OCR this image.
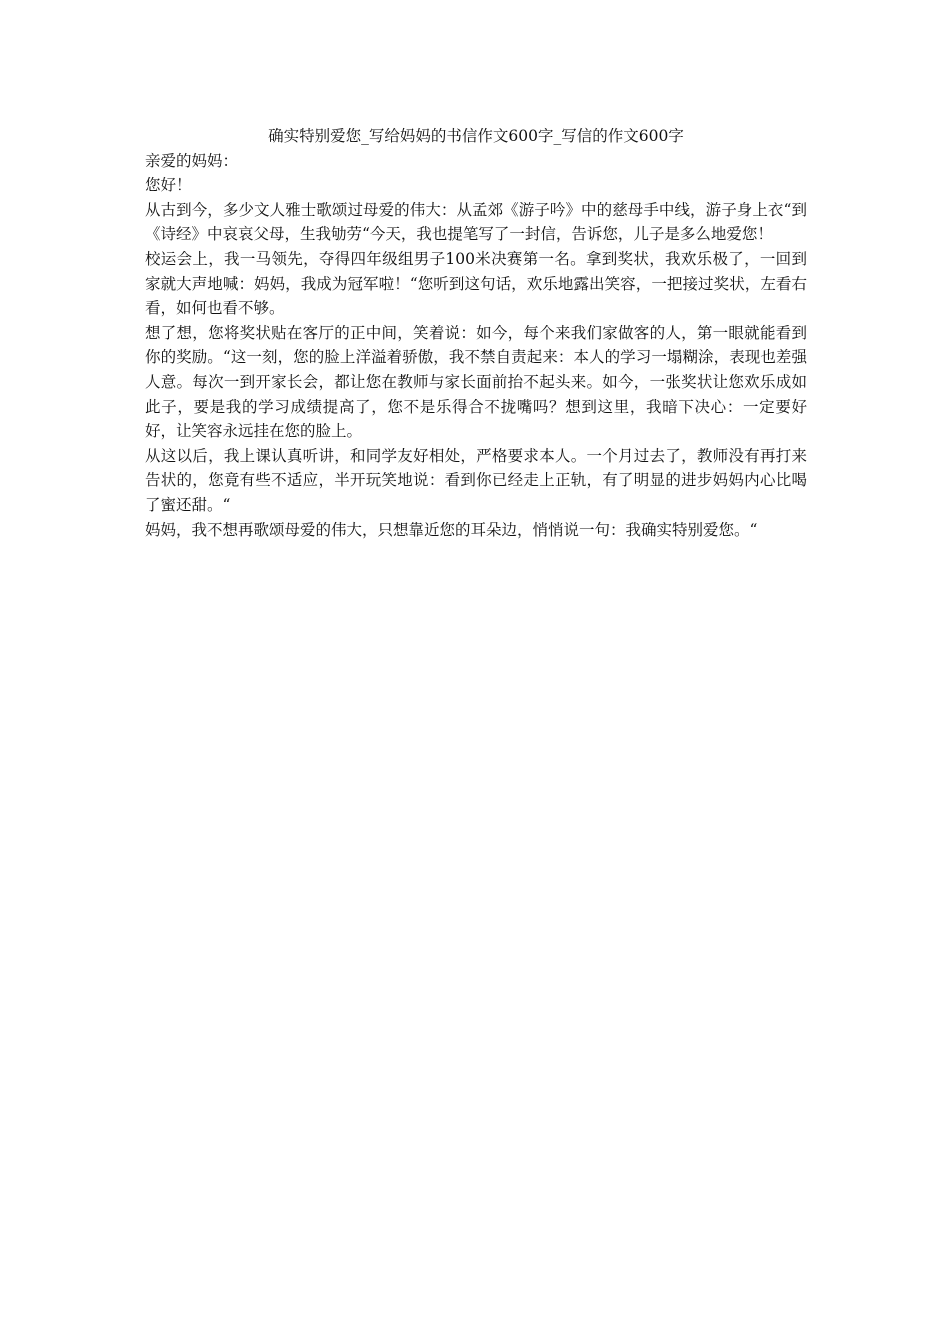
确实特别爱您_写给妈妈的书信作文600字_写信的作文600字

亲爱的妈妈：

您好！

从古到今，多少文人雅士歌颂过母爱的伟大：从孟郊《游子吟》中的慈母手中线，游子身上衣“到《诗经》中哀哀父母，生我劬劳“今天，我也提笔写了一封信，告诉您，儿子是多么地爱您！

校运会上，我一马领先，夺得四年级组男子100米决赛第一名。拿到奖状，我欢乐极了，一回到家就大声地喊：妈妈，我成为冠军啦！“您听到这句话，欢乐地露出笑容，一把接过奖状，左看右看，如何也看不够。

想了想，您将奖状贴在客厅的正中间，笑着说：如今，每个来我们家做客的人，第一眼就能看到你的奖励。“这一刻，您的脸上洋溢着骄傲，我不禁自责起来：本人的学习一塌糊涂，表现也差强人意。每次一到开家长会，都让您在教师与家长面前抬不起头来。如今，一张奖状让您欢乐成如此子，要是我的学习成绩提高了，您不是乐得合不拢嘴吗？想到这里，我暗下决心：一定要好好，让笑容永远挂在您的脸上。

从这以后，我上课认真听讲，和同学友好相处，严格要求本人。一个月过去了，教师没有再打来告状的，您竟有些不适应，半开玩笑地说：看到你已经走上正轨，有了明显的进步妈妈内心比喝了蜜还甜。“

妈妈，我不想再歌颂母爱的伟大，只想靠近您的耳朵边，悄悄说一句：我确实特别爱您。“
